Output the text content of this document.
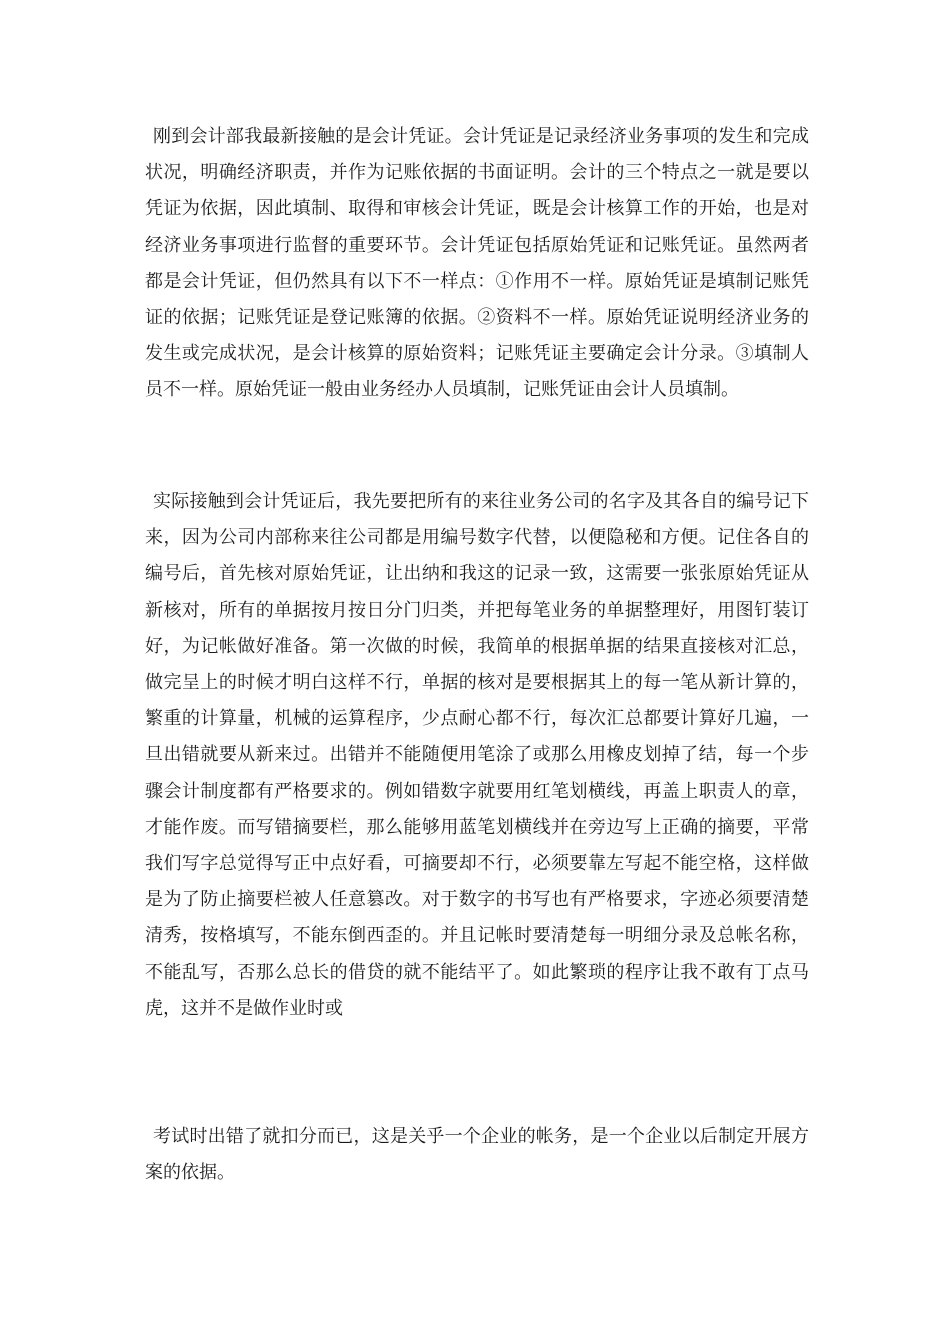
刚到会计部我最新接触的是会计凭证。会计凭证是记录经济业务事项的发生和完成状况，明确经济职责，并作为记账依据的书面证明。会计的三个特点之一就是要以凭证为依据，因此填制、取得和审核会计凭证，既是会计核算工作的开始，也是对经济业务事项进行监督的重要环节。会计凭证包括原始凭证和记账凭证。虽然两者都是会计凭证，但仍然具有以下不一样点：①作用不一样。原始凭证是填制记账凭证的依据；记账凭证是登记账簿的依据。②资料不一样。原始凭证说明经济业务的发生或完成状况，是会计核算的原始资料；记账凭证主要确定会计分录。③填制人员不一样。原始凭证一般由业务经办人员填制，记账凭证由会计人员填制。

实际接触到会计凭证后，我先要把所有的来往业务公司的名字及其各自的编号记下来，因为公司内部称来往公司都是用编号数字代替，以便隐秘和方便。记住各自的编号后，首先核对原始凭证，让出纳和我这的记录一致，这需要一张张原始凭证从新核对，所有的单据按月按日分门归类，并把每笔业务的单据整理好，用图钉装订好，为记帐做好准备。第一次做的时候，我简单的根据单据的结果直接核对汇总，做完呈上的时候才明白这样不行，单据的核对是要根据其上的每一笔从新计算的，繁重的计算量，机械的运算程序，少点耐心都不行，每次汇总都要计算好几遍，一旦出错就要从新来过。出错并不能随便用笔涂了或那么用橡皮划掉了结，每一个步骤会计制度都有严格要求的。例如错数字就要用红笔划横线，再盖上职责人的章，才能作废。而写错摘要栏，那么能够用蓝笔划横线并在旁边写上正确的摘要，平常我们写字总觉得写正中点好看，可摘要却不行，必须要靠左写起不能空格，这样做是为了防止摘要栏被人任意篡改。对于数字的书写也有严格要求，字迹必须要清楚清秀，按格填写，不能东倒西歪的。并且记帐时要清楚每一明细分录及总帐名称，不能乱写，否那么总长的借贷的就不能结平了。如此繁琐的程序让我不敢有丁点马虎，这并不是做作业时或

考试时出错了就扣分而已，这是关乎一个企业的帐务，是一个企业以后制定开展方案的依据。
